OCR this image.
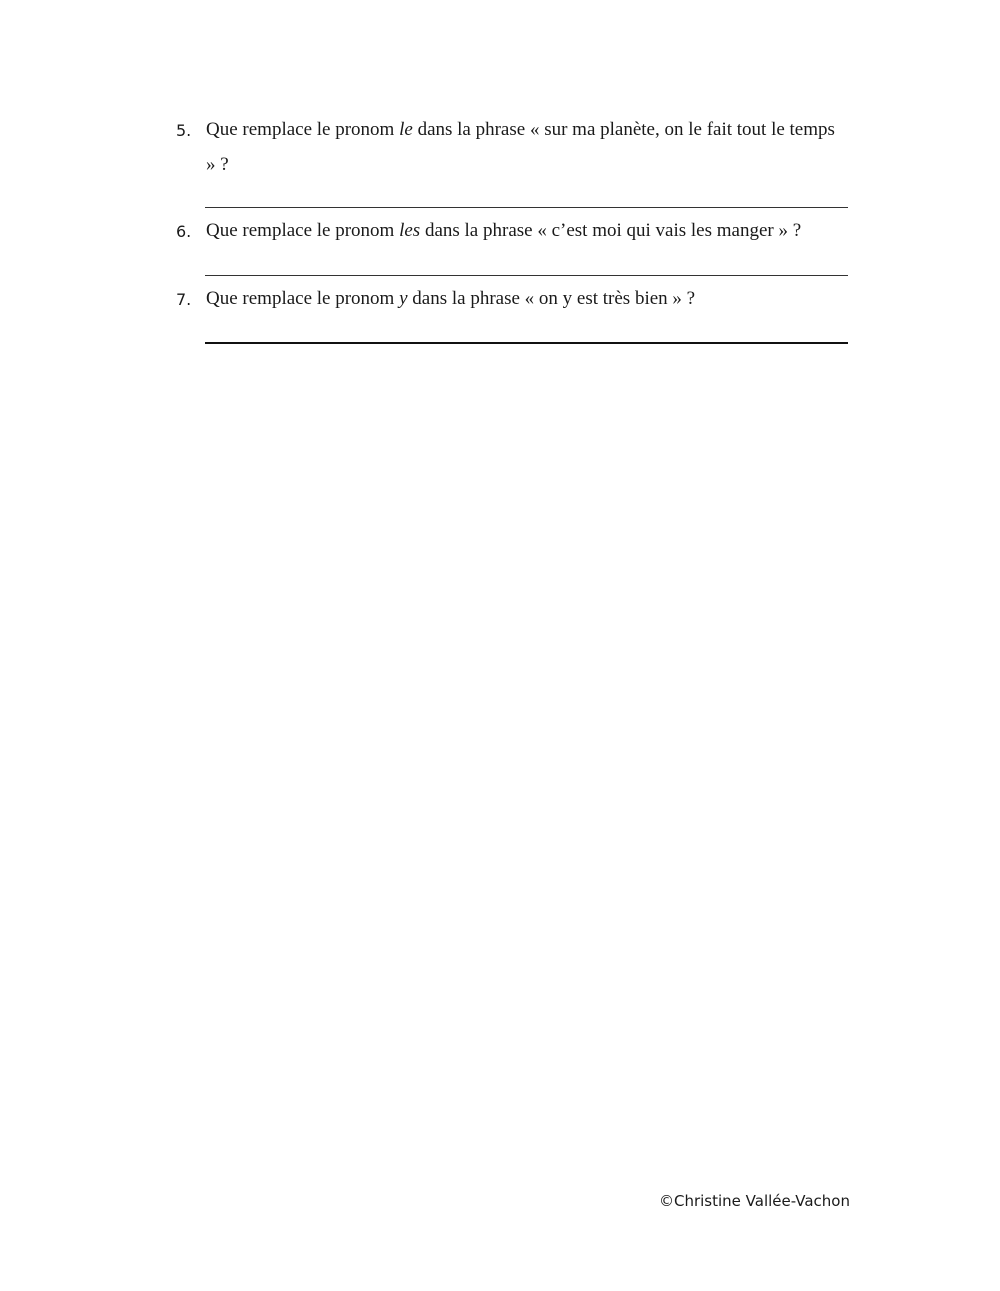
5. Que remplace le pronom le dans la phrase « sur ma planète, on le fait tout le temps » ?
6. Que remplace le pronom les dans la phrase « c’est moi qui vais les manger » ?
7. Que remplace le pronom y dans la phrase « on y est très bien » ?
©Christine Vallée-Vachon
